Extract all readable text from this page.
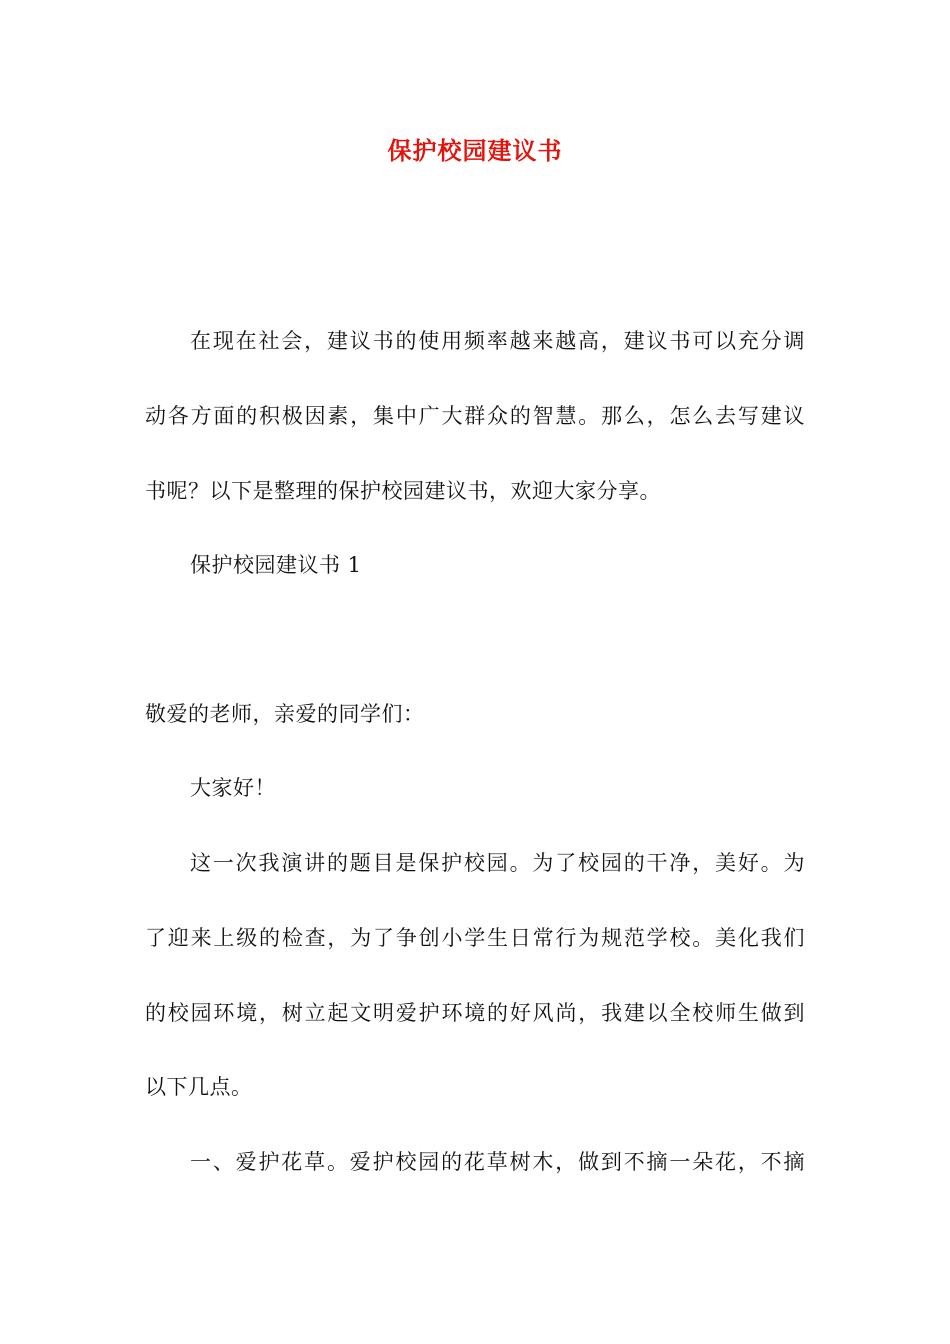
保护校园建议书
在现在社会，建议书的使用频率越来越高，建议书可以充分调
动各方面的积极因素，集中广大群众的智慧。那么，怎么去写建议
书呢？以下是整理的保护校园建议书，欢迎大家分享。
保护校园建议书 1
敬爱的老师，亲爱的同学们：
大家好！
这一次我演讲的题目是保护校园。为了校园的干净，美好。为
了迎来上级的检查，为了争创小学生日常行为规范学校。美化我们
的校园环境，树立起文明爱护环境的好风尚，我建以全校师生做到
以下几点。
一、爱护花草。爱护校园的花草树木，做到不摘一朵花，不摘
